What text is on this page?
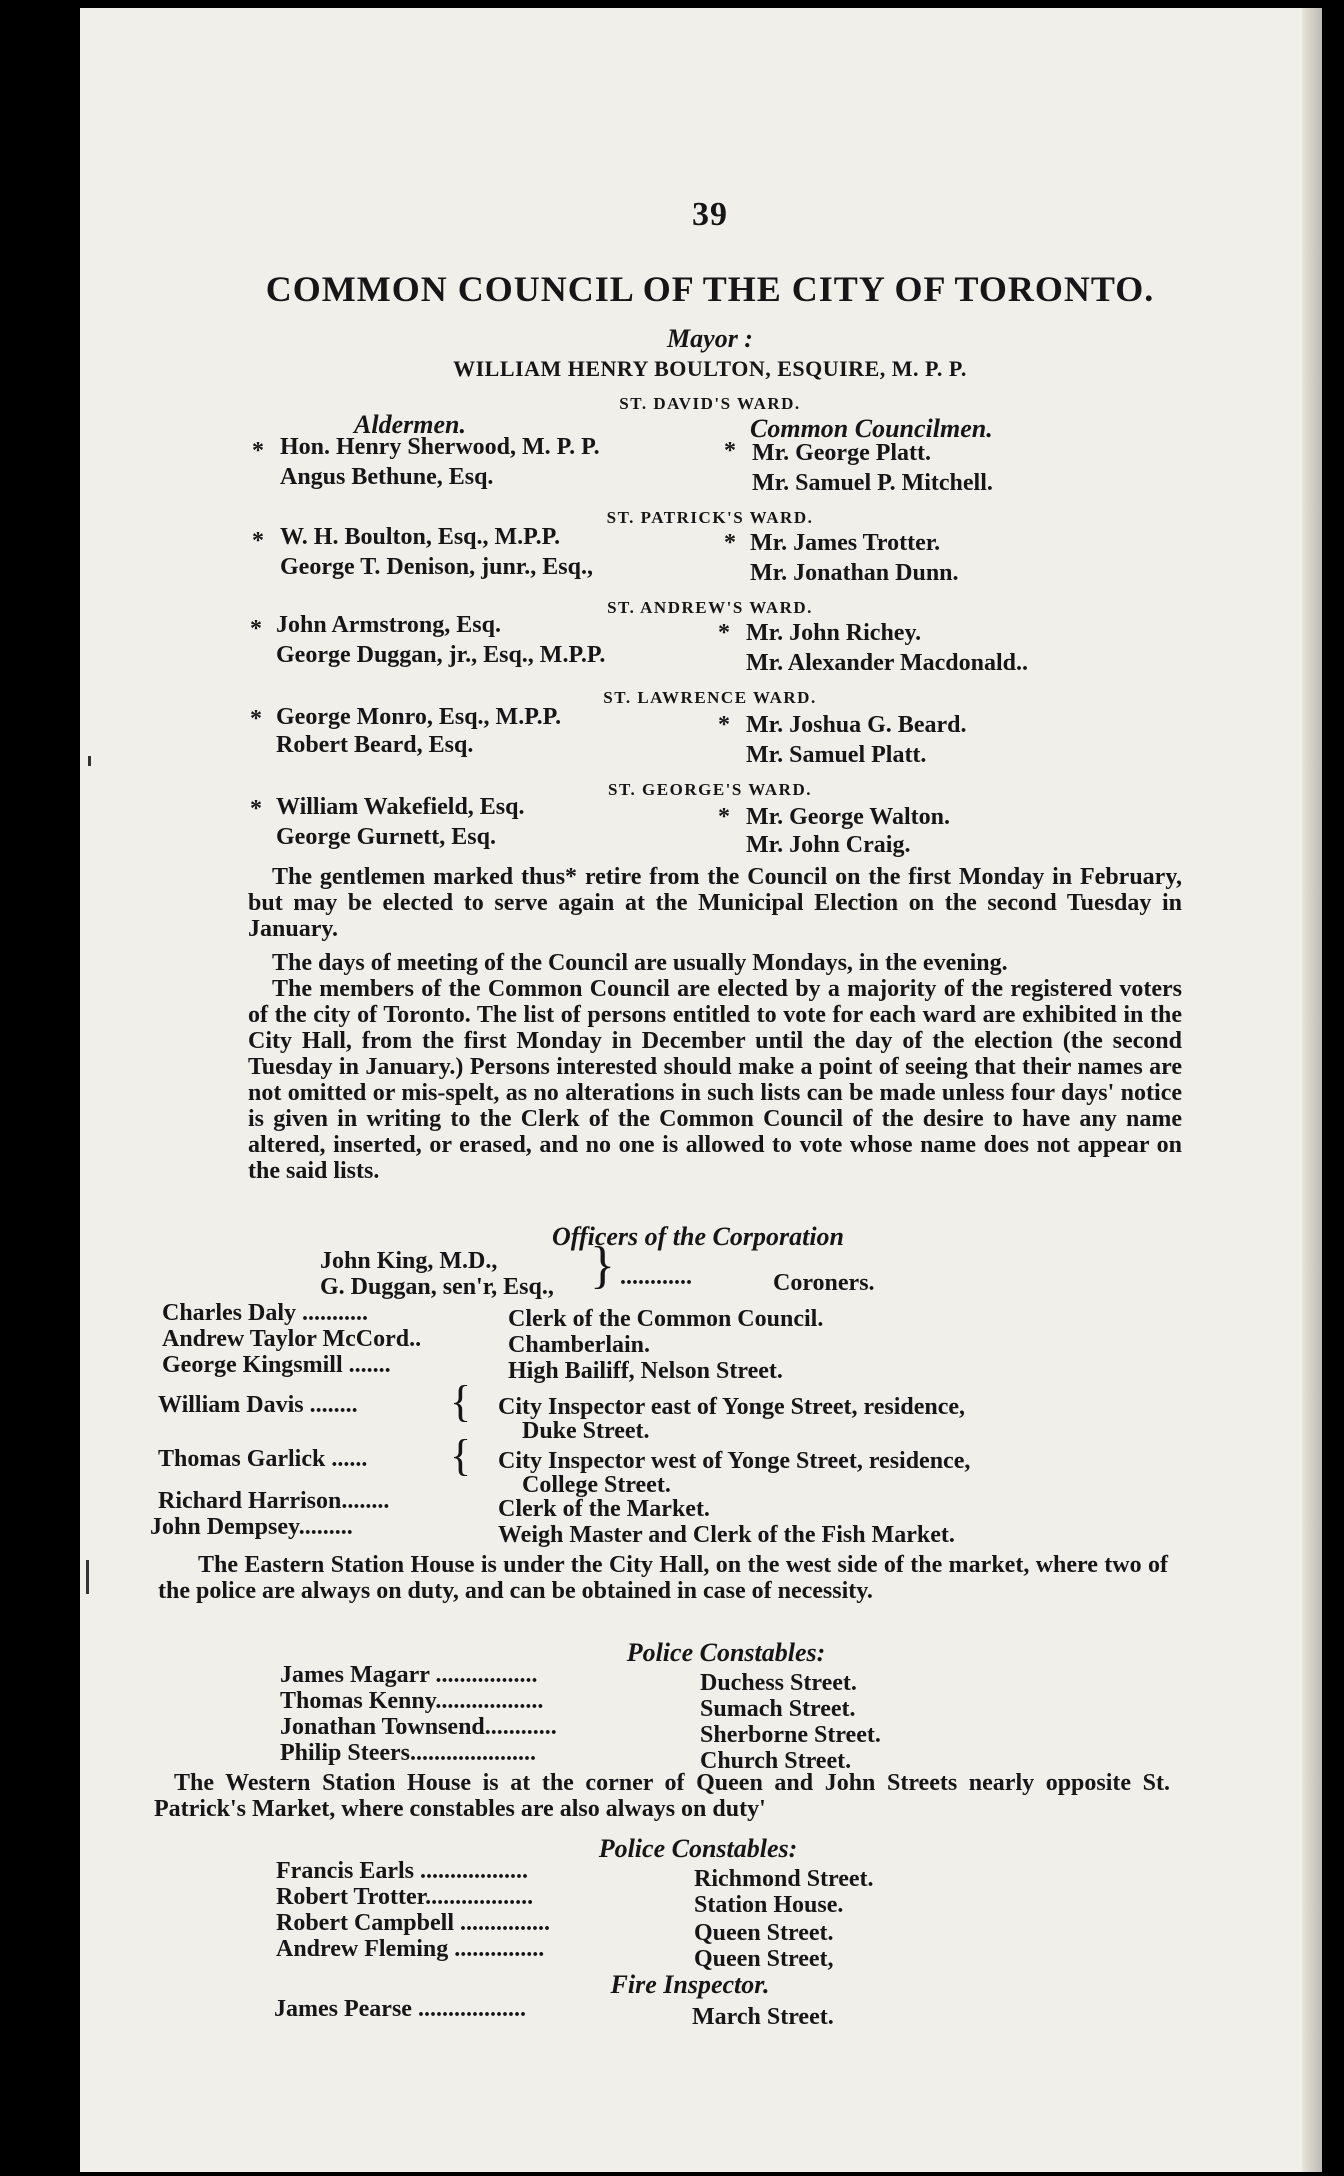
39
COMMON COUNCIL OF THE CITY OF TORONTO.
Mayor :
WILLIAM HENRY BOULTON, ESQUIRE, M. P. P.
ST. DAVID'S WARD.
Aldermen.	Common Councilmen.
* Hon. Henry Sherwood, M. P. P.	* Mr. George Platt.
Angus Bethune, Esq.	Mr. Samuel P. Mitchell.
ST. PATRICK'S WARD.
* W. H. Boulton, Esq., M.P.P.	* Mr. James Trotter.
George T. Denison, junr., Esq.,	Mr. Jonathan Dunn.
ST. ANDREW'S WARD.
* John Armstrong, Esq.	* Mr. John Richey.
George Duggan, jr., Esq., M.P.P.	Mr. Alexander Macdonald..
ST. LAWRENCE WARD.
* George Monro, Esq., M.P.P.	* Mr. Joshua G. Beard.
Robert Beard, Esq.	Mr. Samuel Platt.
ST. GEORGE'S WARD.
* William Wakefield, Esq.	* Mr. George Walton.
George Gurnett, Esq.	Mr. John Craig.
The gentlemen marked thus* retire from the Council on the first Monday in February, but may be elected to serve again at the Municipal Election on the second Tuesday in January.
The days of meeting of the Council are usually Mondays, in the evening.
The members of the Common Council are elected by a majority of the registered voters of the city of Toronto. The list of persons entitled to vote for each ward are exhibited in the City Hall, from the first Monday in December until the day of the election (the second Tuesday in January.) Persons interested should make a point of seeing that their names are not omitted or mis-spelt, as no alterations in such lists can be made unless four days' notice is given in writing to the Clerk of the Common Council of the desire to have any name altered, inserted, or erased, and no one is allowed to vote whose name does not appear on the said lists.
Officers of the Corporation
John King, M.D.,
G. Duggan, sen'r, Esq., } ............	Coroners.
Charles Daly ...........	Clerk of the Common Council.
Andrew Taylor McCord..	Chamberlain.
George Kingsmill .......	High Bailiff, Nelson Street.
William Davis ........ { City Inspector east of Yonge Street, residence,
Duke Street.
Thomas Garlick ...... { City Inspector west of Yonge Street, residence,
College Street.
Richard Harrison........	Clerk of the Market.
John Dempsey.........	Weigh Master and Clerk of the Fish Market.
The Eastern Station House is under the City Hall, on the west side of the market, where two of the police are always on duty, and can be obtained in case of necessity.
Police Constables:
James Magarr .................	Duchess Street.
Thomas Kenny..................	Sumach Street.
Jonathan Townsend............	Sherborne Street.
Philip Steers.....................	Church Street.
The Western Station House is at the corner of Queen and John Streets nearly opposite St. Patrick's Market, where constables are also always on duty'
Police Constables:
Francis Earls ..................	Richmond Street.
Robert Trotter..................	Station House.
Robert Campbell ...............	Queen Street.
Andrew Fleming ...............	Queen Street,
Fire Inspector.
James Pearse ..................	March Street.
